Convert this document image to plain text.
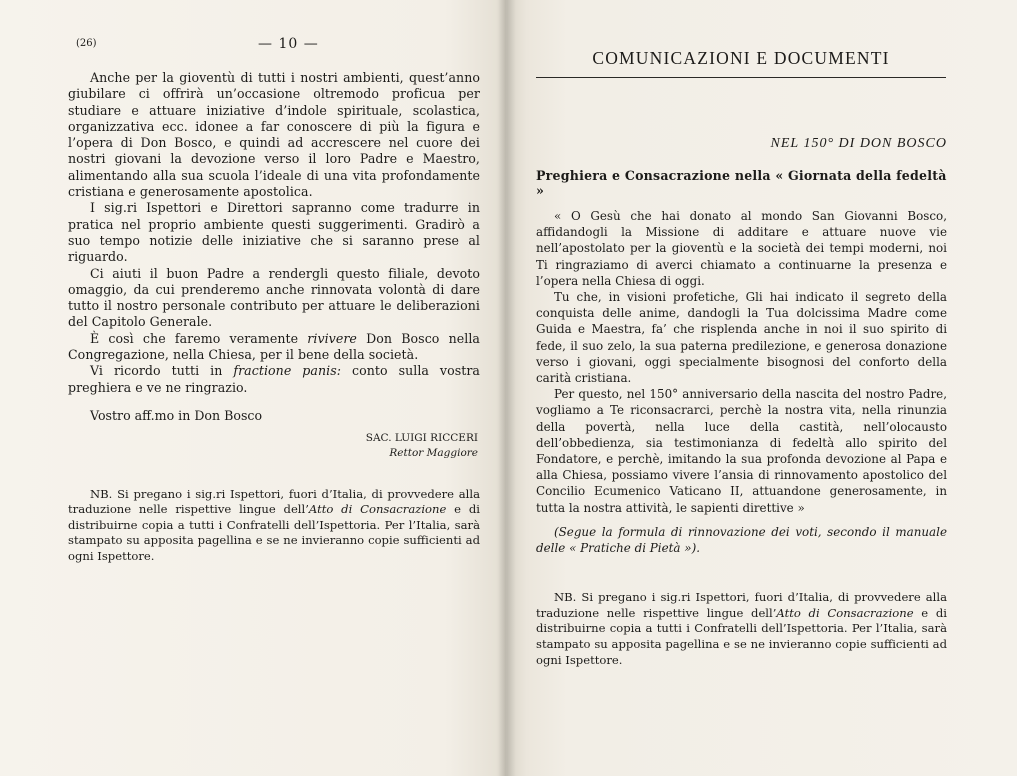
(26)	— 10 —

Anche per la gioventù di tutti i nostri ambienti, quest’anno giubilare ci offrirà un’occasione oltremodo proficua per studiare e attuare iniziative d’indole spirituale, scolastica, organizzativa ecc. idonee a far conoscere di più la figura e l’opera di Don Bosco, e quindi ad accrescere nel cuore dei nostri giovani la devozione verso il loro Padre e Maestro, alimentando alla sua scuola l’ideale di una vita profondamente cristiana e generosamente apostolica.

I sig.ri Ispettori e Direttori sapranno come tradurre in pratica nel proprio ambiente questi suggerimenti. Gradirò a suo tempo notizie delle iniziative che si saranno prese al riguardo.

Ci aiuti il buon Padre a rendergli questo filiale, devoto omaggio, da cui prenderemo anche rinnovata volontà di dare tutto il nostro personale contributo per attuare le deliberazioni del Capitolo Generale.

È così che faremo veramente rivivere Don Bosco nella Congregazione, nella Chiesa, per il bene della società.

Vi ricordo tutti in fractione panis: conto sulla vostra preghiera e ve ne ringrazio.

Vostro aff.mo in Don Bosco
SAC. LUIGI RICCERI
Rettor Maggiore
NB. Si pregano i sig.ri Ispettori, fuori d’Italia, di provvedere alla traduzione nelle rispettive lingue dell’Atto di Consacrazione e di distribuirne copia a tutti i Confratelli dell’Ispettoria. Per l’Italia, sarà stampato su apposita pagellina e se ne invieranno copie sufficienti ad ogni Ispettore.
COMUNICAZIONI E DOCUMENTI
NEL 150° DI DON BOSCO
Preghiera e Consacrazione nella « Giornata della fedeltà »

« O Gesù che hai donato al mondo San Giovanni Bosco, affidandogli la Missione di additare e attuare nuove vie nell’apostolato per la gioventù e la società dei tempi moderni, noi Ti ringraziamo di averci chiamato a continuarne la presenza e l’opera nella Chiesa di oggi.

Tu che, in visioni profetiche, Gli hai indicato il segreto della conquista delle anime, dandogli la Tua dolcissima Madre come Guida e Maestra, fa’ che risplenda anche in noi il suo spirito di fede, il suo zelo, la sua paterna predilezione, e generosa donazione verso i giovani, oggi specialmente bisognosi del conforto della carità cristiana.

Per questo, nel 150° anniversario della nascita del nostro Padre, vogliamo a Te riconsacrarci, perchè la nostra vita, nella rinunzia della povertà, nella luce della castità, nell’olocausto dell’obbedienza, sia testimonianza di fedeltà allo spirito del Fondatore, e perchè, imitando la sua profonda devozione al Papa e alla Chiesa, possiamo vivere l’ansia di rinnovamento apostolico del Concilio Ecumenico Vaticano II, attuandone generosamente, in tutta la nostra attività, le sapienti direttive »

(Segue la formula di rinnovazione dei voti, secondo il manuale delle « Pratiche di Pietà »).

NB. Si pregano i sig.ri Ispettori, fuori d’Italia, di provvedere alla traduzione nelle rispettive lingue dell’Atto di Consacrazione e di distribuirne copia a tutti i Confratelli dell’Ispettoria. Per l’Italia, sarà stampato su apposita pagellina e se ne invieranno copie sufficienti ad ogni Ispettore.
